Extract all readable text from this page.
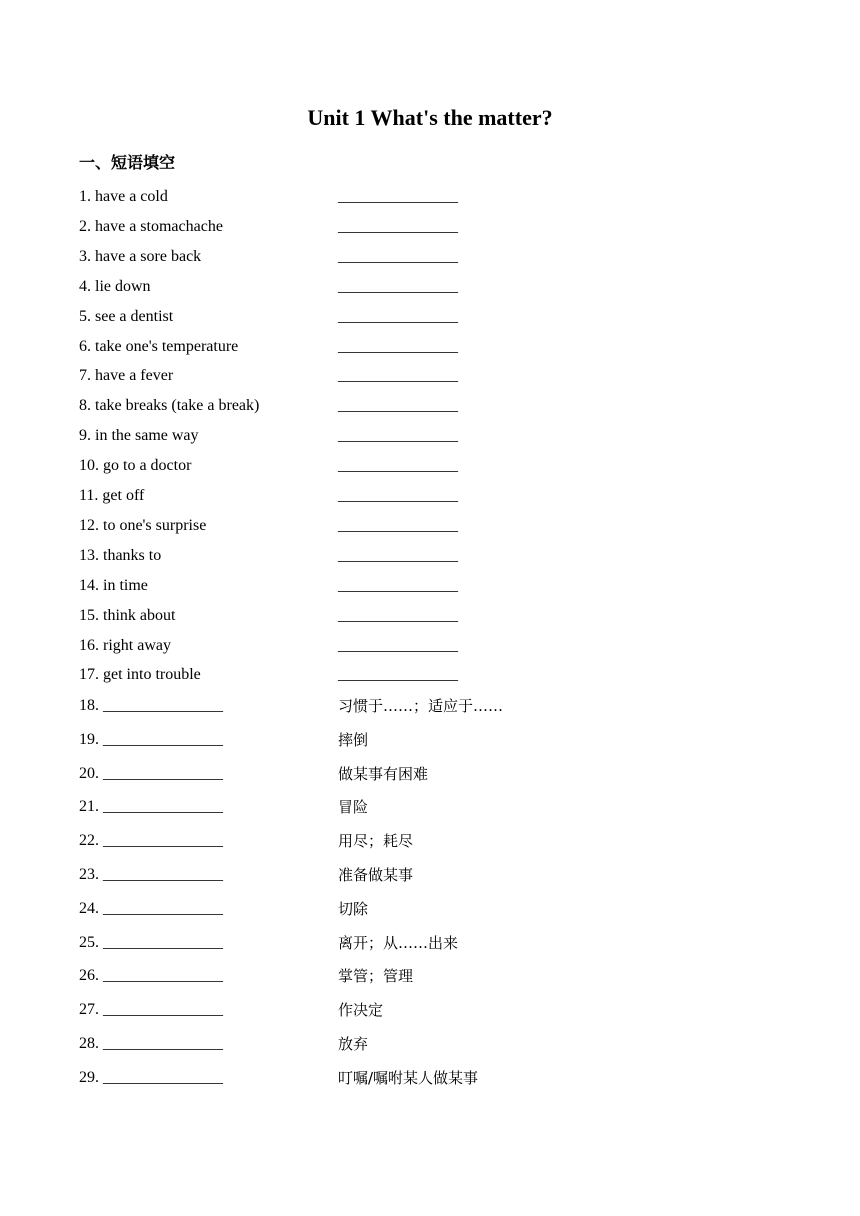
Unit 1 What's the matter?
一、短语填空
1. have a cold	_______________
2. have a stomachache	_______________
3. have a sore back	_______________
4. lie down	_______________
5. see a dentist	_______________
6. take one's temperature	_______________
7. have a fever	_______________
8. take breaks (take a break)	_______________
9. in the same way	_______________
10. go to a doctor	_______________
11. get off	_______________
12. to one's surprise	_______________
13. thanks to	_______________
14. in time	_______________
15. think about	_______________
16. right away	_______________
17. get into trouble	_______________
18. _______________	习惯于……；适应于……
19. _______________	摔倒
20. _______________	做某事有困难
21. _______________	冒险
22. _______________	用尽；耗尽
23. _______________	准备做某事
24. _______________	切除
25. _______________	离开；从……出来
26. _______________	掌管；管理
27. _______________	作决定
28. _______________	放弃
29. _______________	叮嘱/嘱咐某人做某事
